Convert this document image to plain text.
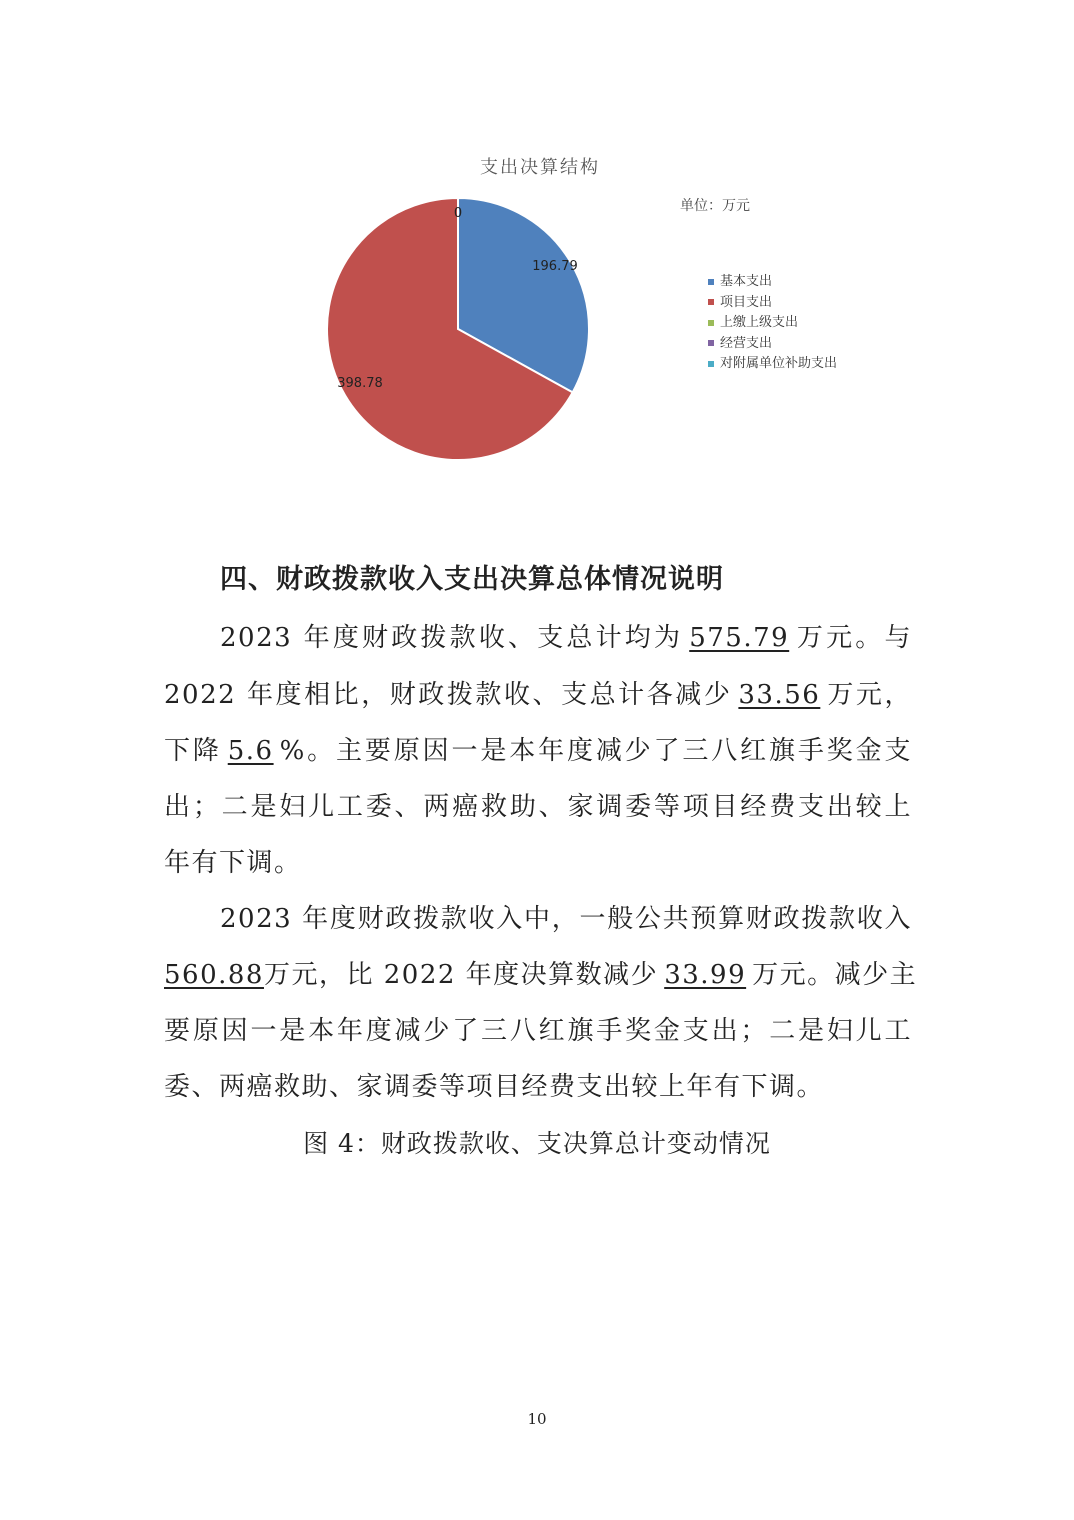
196.79
398.78
0
支出决算结构
单位：万元
基本支出
项目支出
上缴上级支出
经营支出
对附属单位补助支出
四、财政拨款收入支出决算总体情况说明
2023 年度财政拨款收、支总计均为 575.79 万元。与
2022 年度相比，财政拨款收、支总计各减少 33.56 万元，
下降 5.6 %。主要原因一是本年度减少了三八红旗手奖金支
出；二是妇儿工委、两癌救助、家调委等项目经费支出较上
年有下调。
2023 年度财政拨款收入中，一般公共预算财政拨款收入
560.88万元，比 2022 年度决算数减少 33.99 万元。减少主
要原因一是本年度减少了三八红旗手奖金支出；二是妇儿工
委、两癌救助、家调委等项目经费支出较上年有下调。
图 4：财政拨款收、支决算总计变动情况
10
